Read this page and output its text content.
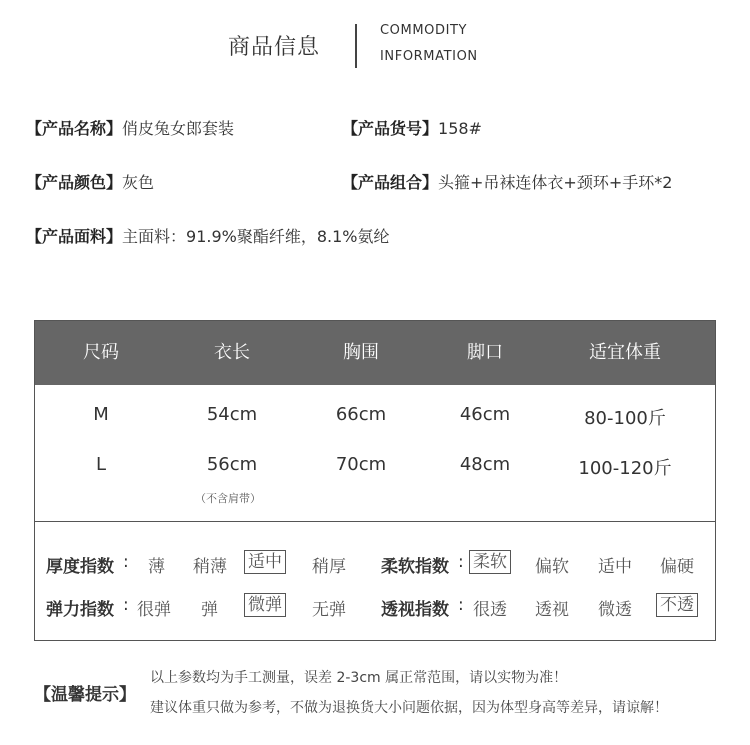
商品信息
COMMODITY
INFORMATION
【产品名称】俏皮兔女郎套装	【产品货号】158#
【产品颜色】灰色	【产品组合】头箍+吊袜连体衣+颈环+手环*2
【产品面料】主面料：91.9%聚酯纤维，8.1%氨纶
尺码	衣长	胸围	脚口	适宜体重
M	54cm	66cm	46cm	80-100斤
L	56cm	70cm	48cm	100-120斤
（不含肩带）
厚度指数 : 薄 稍薄 适中 稍厚 柔软指数 : 柔软 偏软 适中 偏硬
弹力指数 : 很弹 弹 微弹 无弹 透视指数 : 很透 透视 微透 不透
【温馨提示】
以上参数均为手工测量，误差 2-3cm 属正常范围，请以实物为准！
建议体重只做为参考，不做为退换货大小问题依据，因为体型身高等差异，请谅解！
